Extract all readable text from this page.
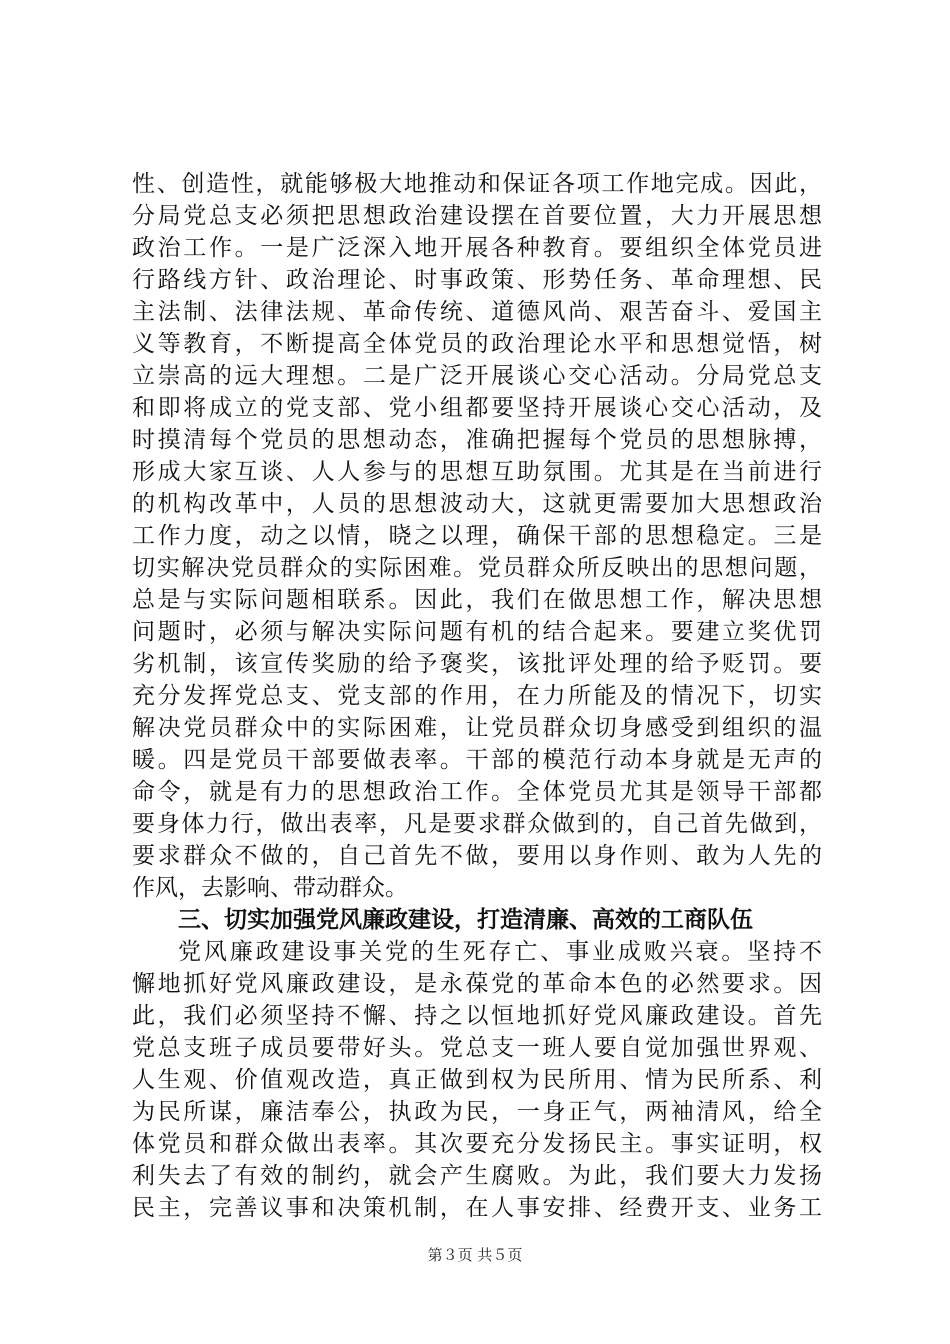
性、创造性，就能够极大地推动和保证各项工作地完成。因此，
分局党总支必须把思想政治建设摆在首要位置，大力开展思想
政治工作。一是广泛深入地开展各种教育。要组织全体党员进
行路线方针、政治理论、时事政策、形势任务、革命理想、民
主法制、法律法规、革命传统、道德风尚、艰苦奋斗、爱国主
义等教育，不断提高全体党员的政治理论水平和思想觉悟，树
立崇高的远大理想。二是广泛开展谈心交心活动。分局党总支
和即将成立的党支部、党小组都要坚持开展谈心交心活动，及
时摸清每个党员的思想动态，准确把握每个党员的思想脉搏，
形成大家互谈、人人参与的思想互助氛围。尤其是在当前进行
的机构改革中，人员的思想波动大，这就更需要加大思想政治
工作力度，动之以情，晓之以理，确保干部的思想稳定。三是
切实解决党员群众的实际困难。党员群众所反映出的思想问题，
总是与实际问题相联系。因此，我们在做思想工作，解决思想
问题时，必须与解决实际问题有机的结合起来。要建立奖优罚
劣机制，该宣传奖励的给予褒奖，该批评处理的给予贬罚。要
充分发挥党总支、党支部的作用，在力所能及的情况下，切实
解决党员群众中的实际困难，让党员群众切身感受到组织的温
暖。四是党员干部要做表率。干部的模范行动本身就是无声的
命令，就是有力的思想政治工作。全体党员尤其是领导干部都
要身体力行，做出表率，凡是要求群众做到的，自己首先做到，
要求群众不做的，自己首先不做，要用以身作则、敢为人先的
作风，去影响、带动群众。
三、切实加强党风廉政建设，打造清廉、高效的工商队伍
党风廉政建设事关党的生死存亡、事业成败兴衰。坚持不
懈地抓好党风廉政建设，是永葆党的革命本色的必然要求。因
此，我们必须坚持不懈、持之以恒地抓好党风廉政建设。首先
党总支班子成员要带好头。党总支一班人要自觉加强世界观、
人生观、价值观改造，真正做到权为民所用、情为民所系、利
为民所谋，廉洁奉公，执政为民，一身正气，两袖清风，给全
体党员和群众做出表率。其次要充分发扬民主。事实证明，权
利失去了有效的制约，就会产生腐败。为此，我们要大力发扬
民主，完善议事和决策机制，在人事安排、经费开支、业务工
第３页 共５页
